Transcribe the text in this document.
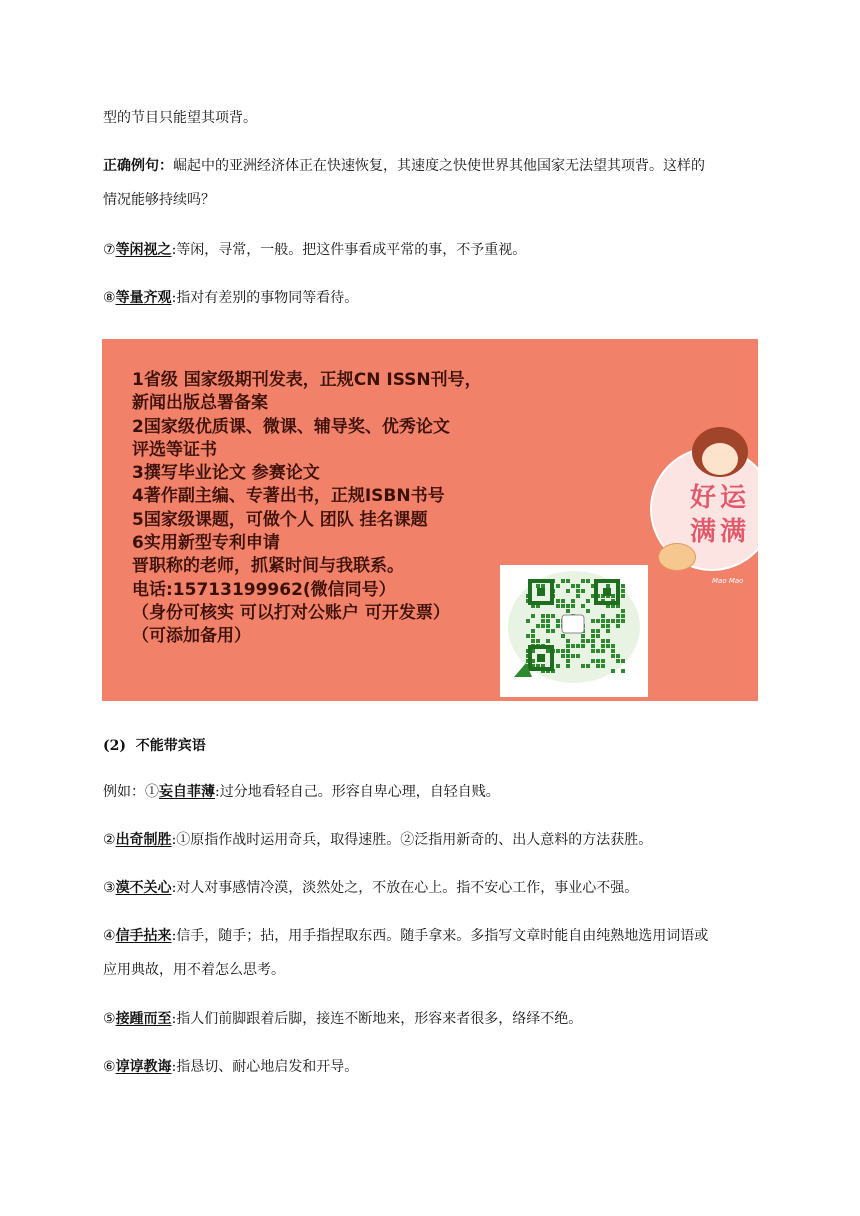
型的节目只能望其项背。
正确例句：崛起中的亚洲经济体正在快速恢复，其速度之快使世界其他国家无法望其项背。这样的
情况能够持续吗？
⑦等闲视之:等闲，寻常，一般。把这件事看成平常的事，不予重视。
⑧等量齐观:指对有差别的事物同等看待。
1省级 国家级期刊发表，正规CN ISSN刊号，
新闻出版总署备案
2国家级优质课、微课、辅导奖、优秀论文
评选等证书
3撰写毕业论文 参赛论文
4著作副主编、专著出书，正规ISBN书号
5国家级课题，可做个人 团队 挂名课题
6实用新型专利申请
晋职称的老师，抓紧时间与我联系。
电话:15713199962(微信同号）
（身份可核实 可以打对公账户 可开发票）
（可添加备用）
好运满满
Mao Mao
(2) 不能带宾语
例如：①妄自菲薄:过分地看轻自己。形容自卑心理，自轻自贱。
②出奇制胜:①原指作战时运用奇兵，取得速胜。②泛指用新奇的、出人意料的方法获胜。
③漠不关心:对人对事感情冷漠，淡然处之，不放在心上。指不安心工作，事业心不强。
④信手拈来:信手，随手；拈，用手指捏取东西。随手拿来。多指写文章时能自由纯熟地选用词语或
应用典故，用不着怎么思考。
⑤接踵而至:指人们前脚跟着后脚，接连不断地来，形容来者很多，络绎不绝。
⑥谆谆教诲:指恳切、耐心地启发和开导。
